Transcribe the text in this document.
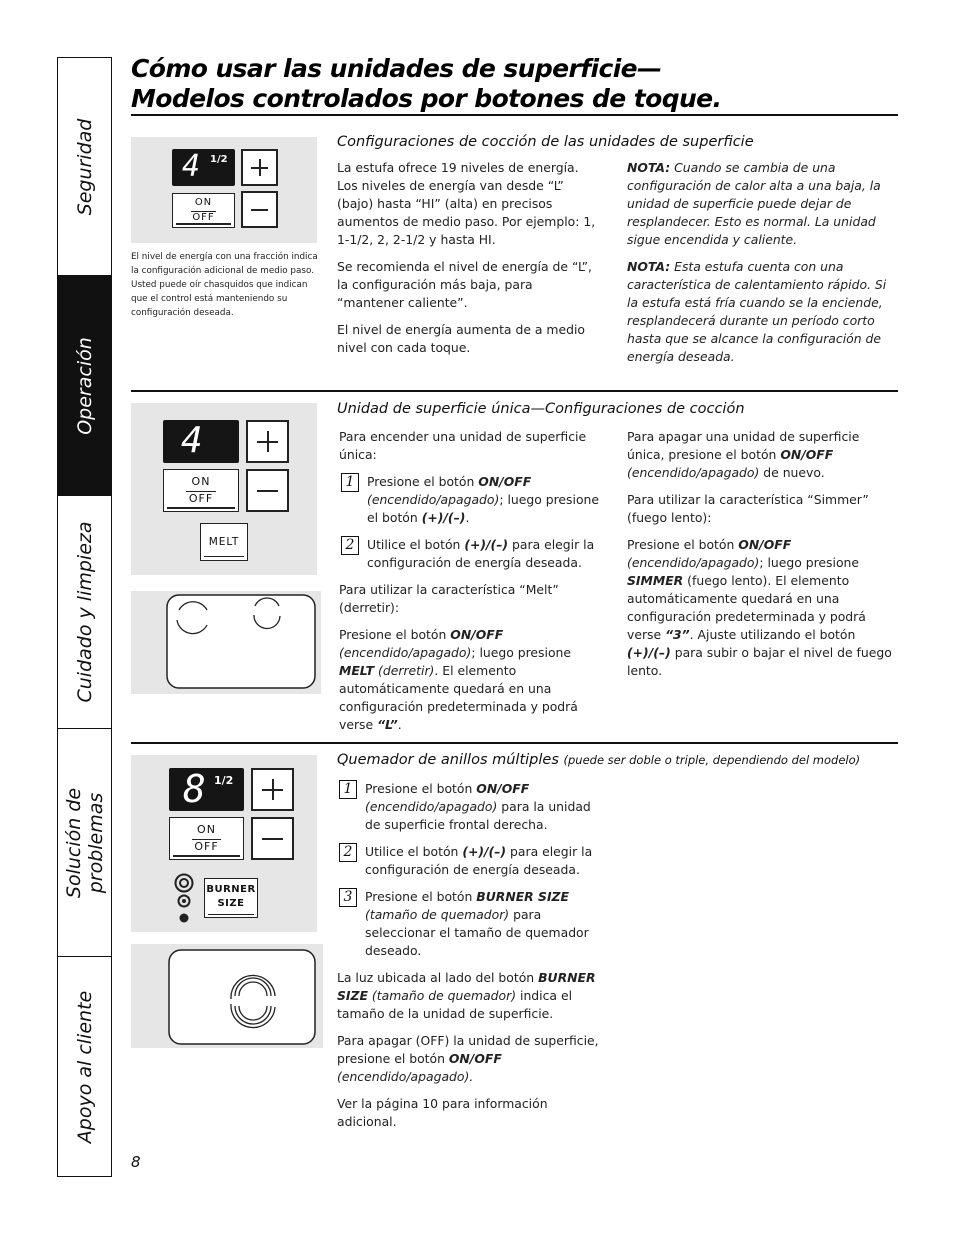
Seguridad
Operación
Cuidado y limpieza
Solución de
problemas
Apoyo al cliente
Cómo usar las unidades de superficie—
Modelos controlados por botones de toque.
4 1/2
ON
OFF
El nivel de energía con una fracción indica la configuración adicional de medio paso. Usted puede oír chasquidos que indican que el control está manteniendo su configuración deseada.
Configuraciones de cocción de las unidades de superficie

La estufa ofrece 19 niveles de energía. Los niveles de energía van desde “L” (bajo) hasta “HI” (alta) en precisos aumentos de medio paso. Por ejemplo: 1, 1-1/2, 2, 2-1/2 y hasta HI.

Se recomienda el nivel de energía de “L”, la configuración más baja, para “mantener caliente”.

El nivel de energía aumenta de a medio nivel con cada toque.

NOTA: Cuando se cambia de una configuración de calor alta a una baja, la unidad de superficie puede dejar de resplandecer. Esto es normal. La unidad sigue encendida y caliente.

NOTA: Esta estufa cuenta con una característica de calentamiento rápido. Si la estufa está fría cuando se la enciende, resplandecerá durante un período corto hasta que se alcance la configuración de energía deseada.

4
ON
OFF
MELT
Unidad de superficie única—Configuraciones de cocción

Para encender una unidad de superficie única:

1	Presione el botón ON/OFF (encendido/apagado); luego presione el botón (+)/(–).
2	Utilice el botón (+)/(–) para elegir la configuración de energía deseada.

Para utilizar la característica “Melt” (derretir):

Presione el botón ON/OFF (encendido/apagado); luego presione MELT (derretir). El elemento automáticamente quedará en una configuración predeterminada y podrá verse “L”.

Para apagar una unidad de superficie única, presione el botón ON/OFF (encendido/apagado) de nuevo.

Para utilizar la característica “Simmer” (fuego lento):

Presione el botón ON/OFF (encendido/apagado); luego presione SIMMER (fuego lento). El elemento automáticamente quedará en una configuración predeterminada y podrá verse “3”. Ajuste utilizando el botón (+)/(–) para subir o bajar el nivel de fuego lento.

8 1/2
ON
OFF
BURNER
SIZE
Quemador de anillos múltiples (puede ser doble o triple, dependiendo del modelo)
1	Presione el botón ON/OFF (encendido/apagado) para la unidad de superficie frontal derecha.
2	Utilice el botón (+)/(–) para elegir la configuración de energía deseada.
3	Presione el botón BURNER SIZE (tamaño de quemador) para seleccionar el tamaño de quemador deseado.

La luz ubicada al lado del botón BURNER SIZE (tamaño de quemador) indica el tamaño de la unidad de superficie.

Para apagar (OFF) la unidad de superficie, presione el botón ON/OFF (encendido/apagado).

Ver la página 10 para información adicional.

8
